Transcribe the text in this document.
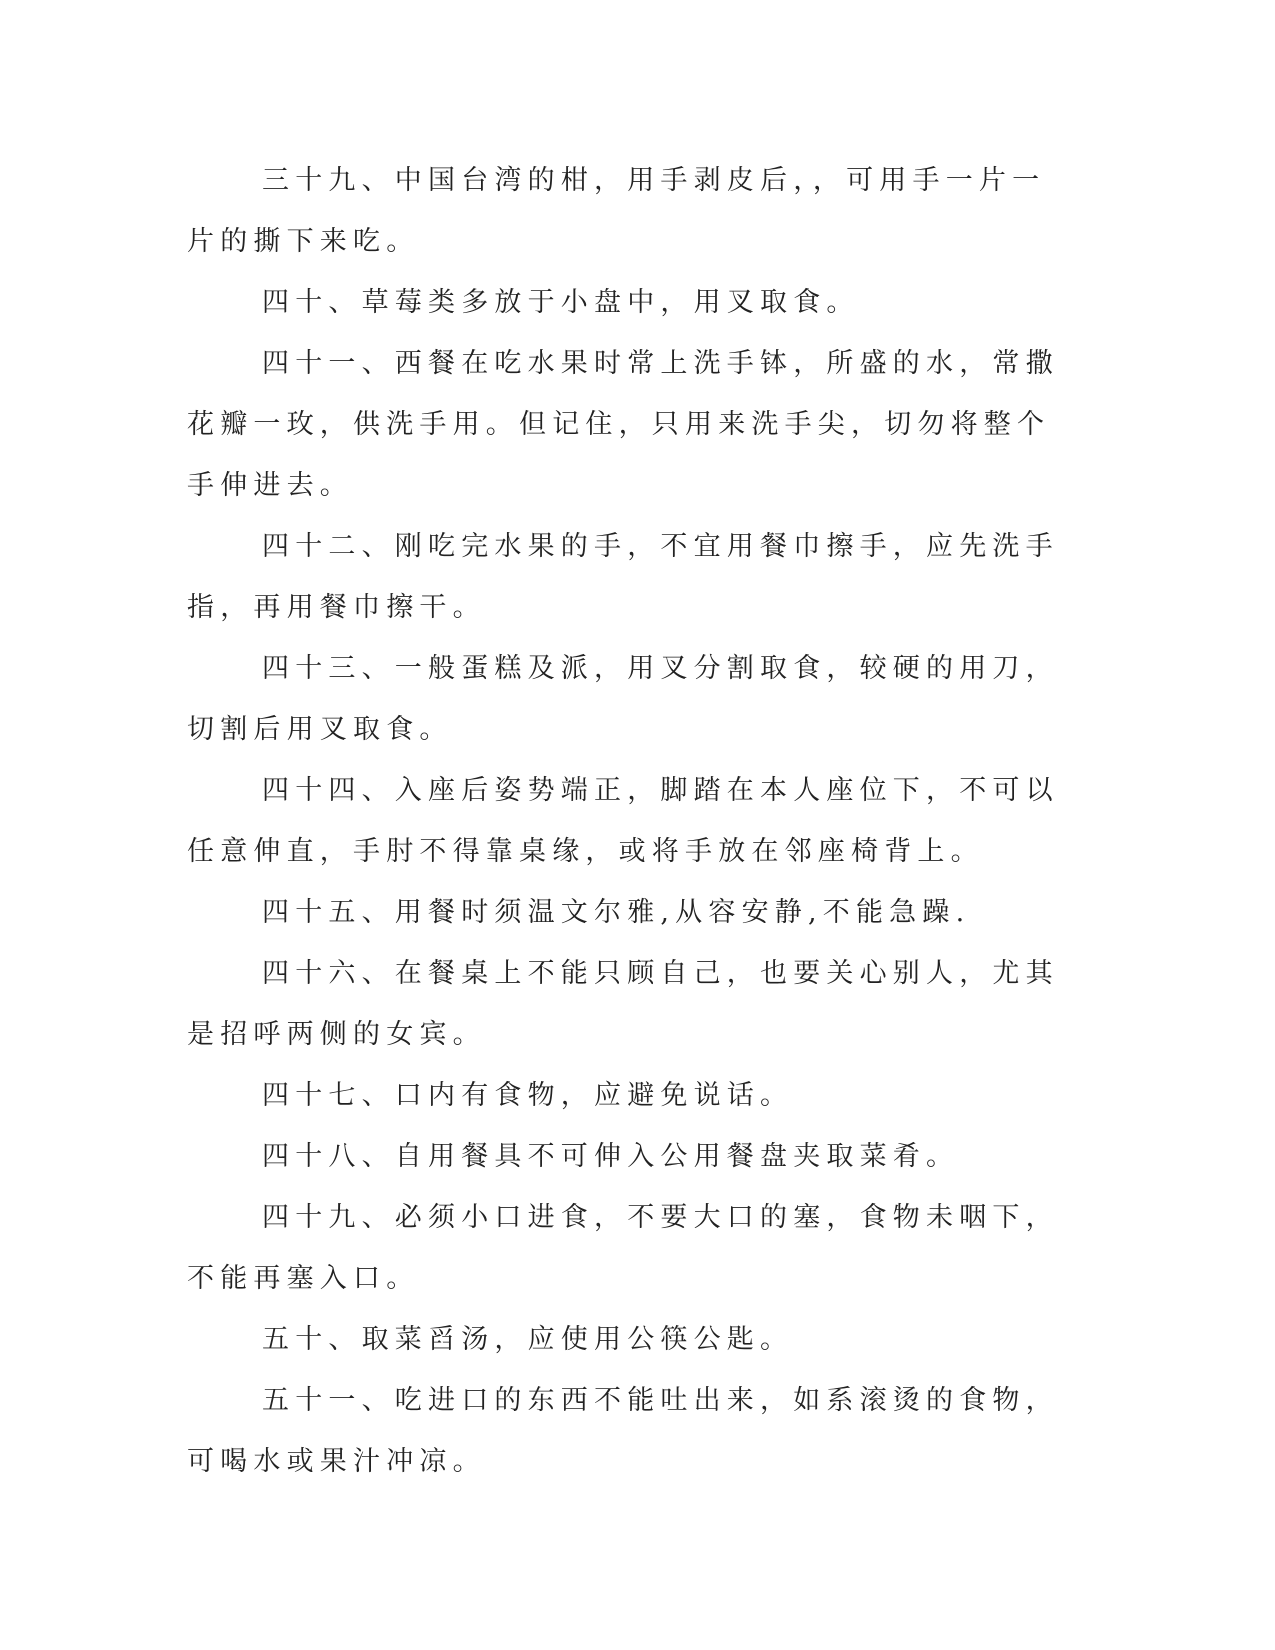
三十九、中国台湾的柑，用手剥皮后，，可用手一片一片的撕下来吃。

四十、草莓类多放于小盘中，用叉取食。

四十一、西餐在吃水果时常上洗手钵，所盛的水，常撒花瓣一玫，供洗手用。但记住，只用来洗手尖，切勿将整个手伸进去。

四十二、刚吃完水果的手，不宜用餐巾擦手，应先洗手指，再用餐巾擦干。

四十三、一般蛋糕及派，用叉分割取食，较硬的用刀，切割后用叉取食。

四十四、入座后姿势端正，脚踏在本人座位下，不可以任意伸直，手肘不得靠桌缘，或将手放在邻座椅背上。

四十五、用餐时须温文尔雅,从容安静,不能急躁.

四十六、在餐桌上不能只顾自己，也要关心别人，尤其是招呼两侧的女宾。

四十七、口内有食物，应避免说话。

四十八、自用餐具不可伸入公用餐盘夹取菜肴。

四十九、必须小口进食，不要大口的塞，食物未咽下，不能再塞入口。

五十、取菜舀汤，应使用公筷公匙。

五十一、吃进口的东西不能吐出来，如系滚烫的食物，可喝水或果汁冲凉。
